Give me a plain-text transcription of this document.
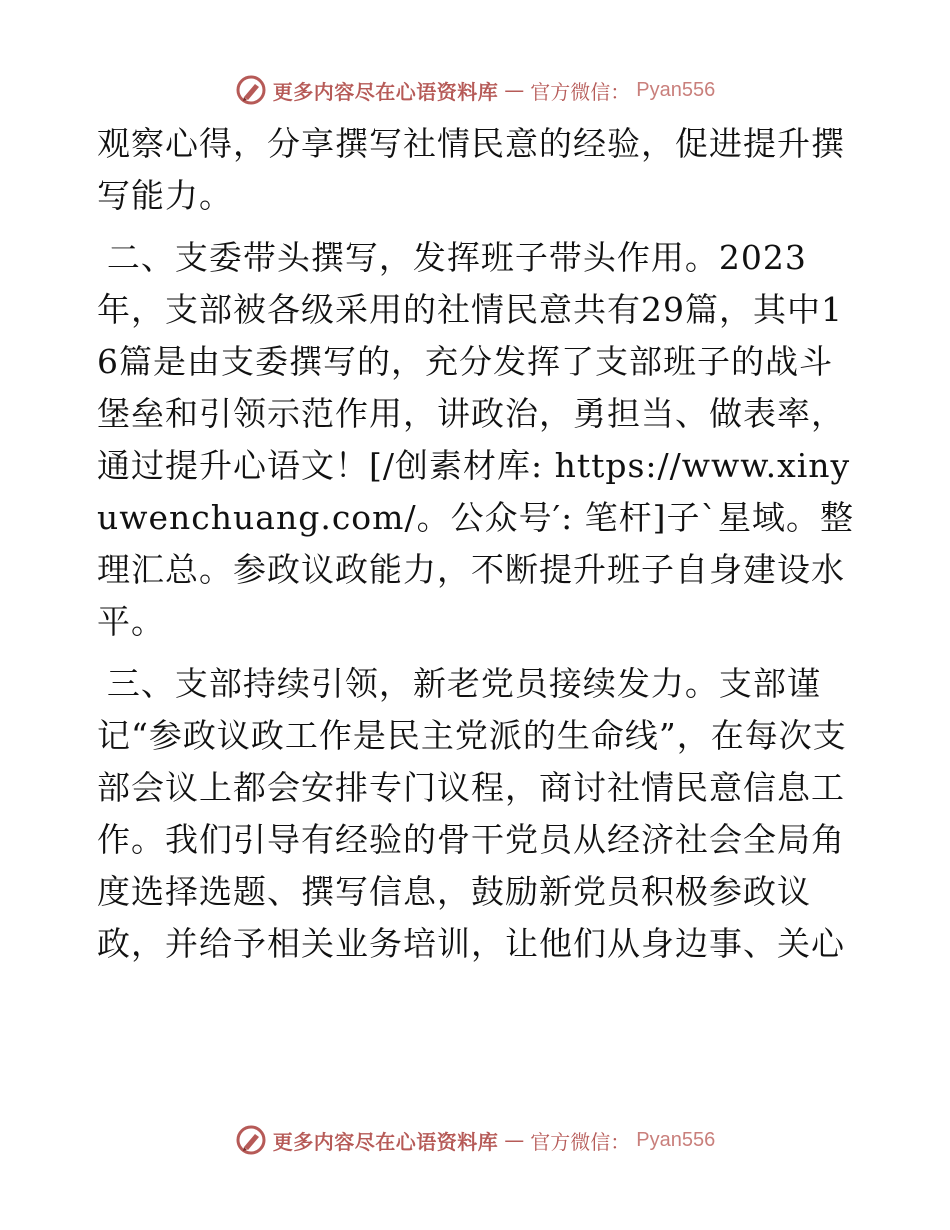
更多内容尽在心语资料库 — 官方微信： Pyan556

观察心得，分享撰写社情民意的经验，促进提升撰写能力。

二、支委带头撰写，发挥班子带头作用。2023年，支部被各级采用的社情民意共有29篇，其中16篇是由支委撰写的，充分发挥了支部班子的战斗堡垒和引领示范作用，讲政治，勇担当、做表率，通过提升心语文！[/创素材库: https://www.xinyuwenchuang.com/。公众号′: 笔杆]子`星域。整理汇总。参政议政能力，不断提升班子自身建设水平。

三、支部持续引领，新老党员接续发力。支部谨记“参政议政工作是民主党派的生命线”，在每次支部会议上都会安排专门议程，商讨社情民意信息工作。我们引导有经验的骨干党员从经济社会全局角度选择选题、撰写信息，鼓励新党员积极参政议政，并给予相关业务培训，让他们从身边事、关心

更多内容尽在心语资料库 — 官方微信： Pyan556
